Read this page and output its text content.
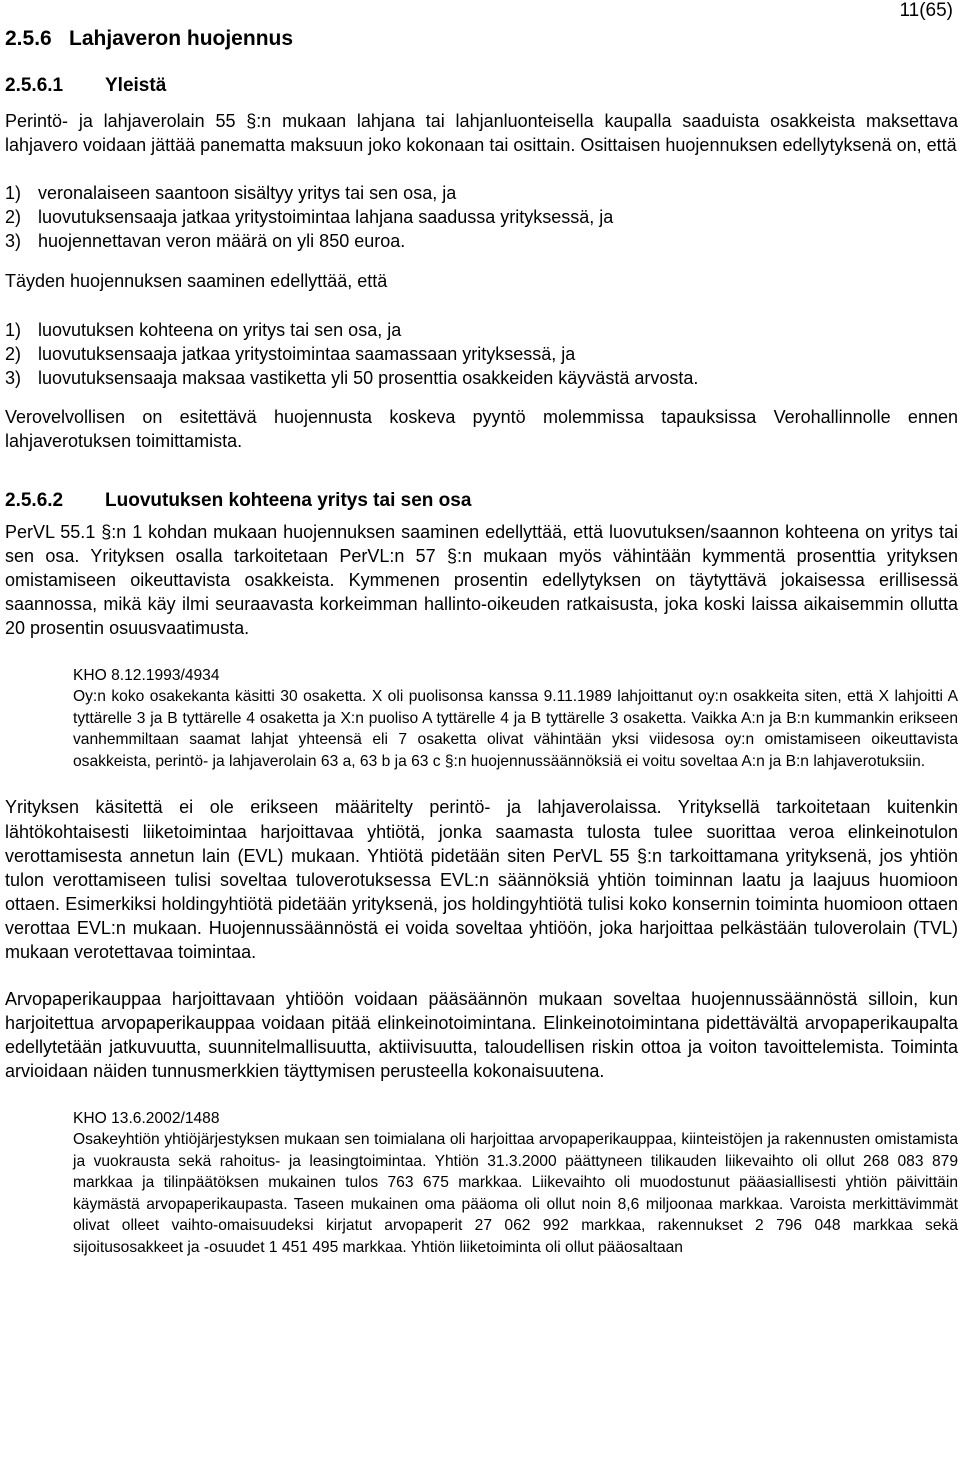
11(65)
2.5.6 Lahjaveron huojennus
2.5.6.1 Yleistä

Perintö- ja lahjaverolain 55 §:n mukaan lahjana tai lahjanluonteisella kaupalla saaduista osakkeista maksettava lahjavero voidaan jättää panematta maksuun joko kokonaan tai osittain. Osittaisen huojennuksen edellytyksenä on, että

1) veronalaiseen saantoon sisältyy yritys tai sen osa, ja
2) luovutuksensaaja jatkaa yritystoimintaa lahjana saadussa yrityksessä, ja
3) huojennettavan veron määrä on yli 850 euroa.

Täyden huojennuksen saaminen edellyttää, että

1) luovutuksen kohteena on yritys tai sen osa, ja
2) luovutuksensaaja jatkaa yritystoimintaa saamassaan yrityksessä, ja
3) luovutuksensaaja maksaa vastiketta yli 50 prosenttia osakkeiden käyvästä arvosta.

Verovelvollisen on esitettävä huojennusta koskeva pyyntö molemmissa tapauksissa Verohallinnolle ennen lahjaverotuksen toimittamista.

2.5.6.2 Luovutuksen kohteena yritys tai sen osa

PerVL 55.1 §:n 1 kohdan mukaan huojennuksen saaminen edellyttää, että luovutuksen/saannon kohteena on yritys tai sen osa. Yrityksen osalla tarkoitetaan PerVL:n 57 §:n mukaan myös vähintään kymmentä prosenttia yrityksen omistamiseen oikeuttavista osakkeista. Kymmenen prosentin edellytyksen on täytyttävä jokaisessa erillisessä saannossa, mikä käy ilmi seuraavasta korkeimman hallinto-oikeuden ratkaisusta, joka koski laissa aikaisemmin ollutta 20 prosentin osuusvaatimusta.

KHO 8.12.1993/4934

Oy:n koko osakekanta käsitti 30 osaketta. X oli puolisonsa kanssa 9.11.1989 lahjoittanut oy:n osakkeita siten, että X lahjoitti A tyttärelle 3 ja B tyttärelle 4 osaketta ja X:n puoliso A tyttärelle 4 ja B tyttärelle 3 osaketta. Vaikka A:n ja B:n kummankin erikseen vanhemmiltaan saamat lahjat yhteensä eli 7 osaketta olivat vähintään yksi viidesosa oy:n omistamiseen oikeuttavista osakkeista, perintö- ja lahjaverolain 63 a, 63 b ja 63 c §:n huojennussäännöksiä ei voitu soveltaa A:n ja B:n lahjaverotuksiin.

Yrityksen käsitettä ei ole erikseen määritelty perintö- ja lahjaverolaissa. Yrityksellä tarkoitetaan kuitenkin lähtökohtaisesti liiketoimintaa harjoittavaa yhtiötä, jonka saamasta tulosta tulee suorittaa veroa elinkeinotulon verottamisesta annetun lain (EVL) mukaan. Yhtiötä pidetään siten PerVL 55 §:n tarkoittamana yrityksenä, jos yhtiön tulon verottamiseen tulisi soveltaa tuloverotuksessa EVL:n säännöksiä yhtiön toiminnan laatu ja laajuus huomioon ottaen. Esimerkiksi holdingyhtiötä pidetään yrityksenä, jos holdingyhtiötä tulisi koko konsernin toiminta huomioon ottaen verottaa EVL:n mukaan. Huojennussäännöstä ei voida soveltaa yhtiöön, joka harjoittaa pelkästään tuloverolain (TVL) mukaan verotettavaa toimintaa.

Arvopaperikauppaa harjoittavaan yhtiöön voidaan pääsäännön mukaan soveltaa huojennussäännöstä silloin, kun harjoitettua arvopaperikauppaa voidaan pitää elinkeinotoimintana. Elinkeinotoimintana pidettävältä arvopaperikaupalta edellytetään jatkuvuutta, suunnitelmallisuutta, aktiivisuutta, taloudellisen riskin ottoa ja voiton tavoittelemista. Toiminta arvioidaan näiden tunnusmerkkien täyttymisen perusteella kokonaisuutena.

KHO 13.6.2002/1488

Osakeyhtiön yhtiöjärjestyksen mukaan sen toimialana oli harjoittaa arvopaperikauppaa, kiinteistöjen ja rakennusten omistamista ja vuokrausta sekä rahoitus- ja leasingtoimintaa. Yhtiön 31.3.2000 päättyneen tilikauden liikevaihto oli ollut 268 083 879 markkaa ja tilinpäätöksen mukainen tulos 763 675 markkaa. Liikevaihto oli muodostunut pääasiallisesti yhtiön päivittäin käymästä arvopaperikaupasta. Taseen mukainen oma pääoma oli ollut noin 8,6 miljoonaa markkaa. Varoista merkittävimmät olivat olleet vaihto-omaisuudeksi kirjatut arvopaperit 27 062 992 markkaa, rakennukset 2 796 048 markkaa sekä sijoitusosakkeet ja -osuudet 1 451 495 markkaa. Yhtiön liiketoiminta oli ollut pääosaltaan
